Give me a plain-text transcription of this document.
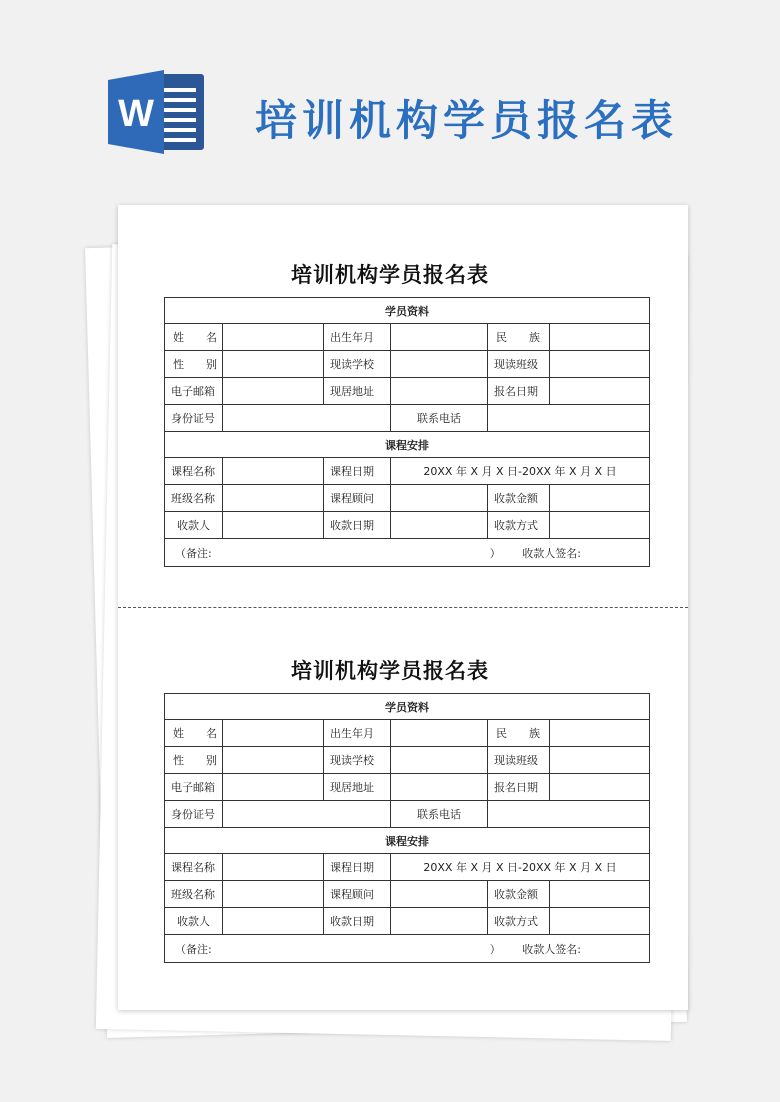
W 培训机构学员报名表
培训机构学员报名表
学员资料					
姓　　名		出生年月		民　　族	
性　　别		现读学校		现读班级	
电子邮箱		现居地址		报名日期	
身份证号			联系电话		
课程安排					
课程名称		课程日期	20XX 年 X 月 X 日-20XX 年 X 月 X 日		
班级名称		课程顾问		收款金额	
收款人		收款日期		收款方式	
（备注: ） 收款人签名:					
培训机构学员报名表
学员资料					
姓　　名		出生年月		民　　族	
性　　别		现读学校		现读班级	
电子邮箱		现居地址		报名日期	
身份证号			联系电话		
课程安排					
课程名称		课程日期	20XX 年 X 月 X 日-20XX 年 X 月 X 日		
班级名称		课程顾问		收款金额	
收款人		收款日期		收款方式	
（备注: ） 收款人签名:					
